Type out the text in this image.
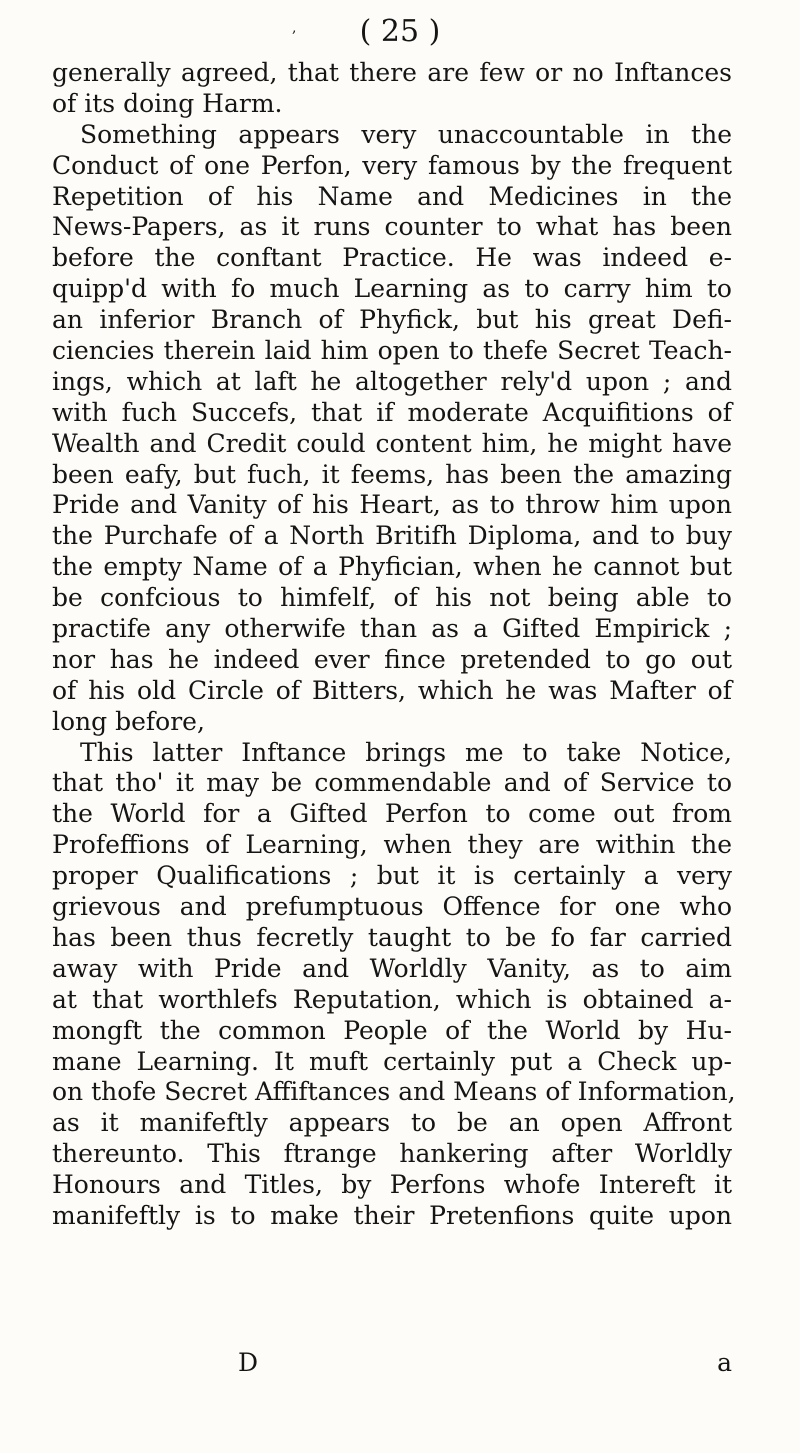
, ( 25 )
generally agreed, that there are few or no Inftances
of its doing Harm.
Something appears very unaccountable in the
Conduct of one Perfon, very famous by the frequent
Repetition of his Name and Medicines in the
News-Papers, as it runs counter to what has been
before the conftant Practice. He was indeed e-
quipp'd with fo much Learning as to carry him to
an inferior Branch of Phyfick, but his great Defi-
ciencies therein laid him open to thefe Secret Teach-
ings, which at laft he altogether rely'd upon ; and
with fuch Succefs, that if moderate Acquifitions of
Wealth and Credit could content him, he might have
been eafy, but fuch, it feems, has been the amazing
Pride and Vanity of his Heart, as to throw him upon
the Purchafe of a North Britifh Diploma, and to buy
the empty Name of a Phyfician, when he cannot but
be confcious to himfelf, of his not being able to
practife any otherwife than as a Gifted Empirick ;
nor has he indeed ever fince pretended to go out
of his old Circle of Bitters, which he was Mafter of
long before,
This latter Inftance brings me to take Notice,
that tho' it may be commendable and of Service to
the World for a Gifted Perfon to come out from
Profeffions of Learning, when they are within the
proper Qualifications ; but it is certainly a very
grievous and prefumptuous Offence for one who
has been thus fecretly taught to be fo far carried
away with Pride and Worldly Vanity, as to aim
at that worthlefs Reputation, which is obtained a-
mongft the common People of the World by Hu-
mane Learning. It muft certainly put a Check up-
on thofe Secret Affiftances and Means of Information,
as it manifeftly appears to be an open Affront
thereunto. This ftrange hankering after Worldly
Honours and Titles, by Perfons whofe Intereft it
manifeftly is to make their Pretenfions quite upon
D	a
